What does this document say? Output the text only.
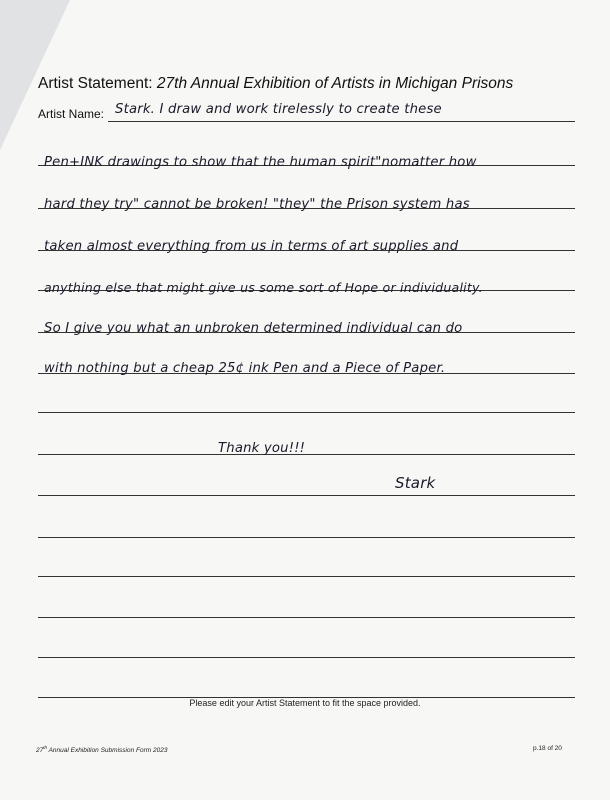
Artist Statement: 27th Annual Exhibition of Artists in Michigan Prisons
Artist Name: Stark. I draw and work tirelessly to create these
Pen+INK drawings to show that the human spirit"nomatter how
hard they try" cannot be broken! "they" the Prison system has
taken almost everything from us in terms of art supplies and
anything else that might give us some sort of Hope or individuality.
So I give you what an unbroken determined individual can do
with nothing but a cheap 25¢ ink Pen and a Piece of Paper.
Thank you!!!
Stark
Please edit your Artist Statement to fit the space provided.
27th Annual Exhibition Submission Form 2023	p.18 of 20
